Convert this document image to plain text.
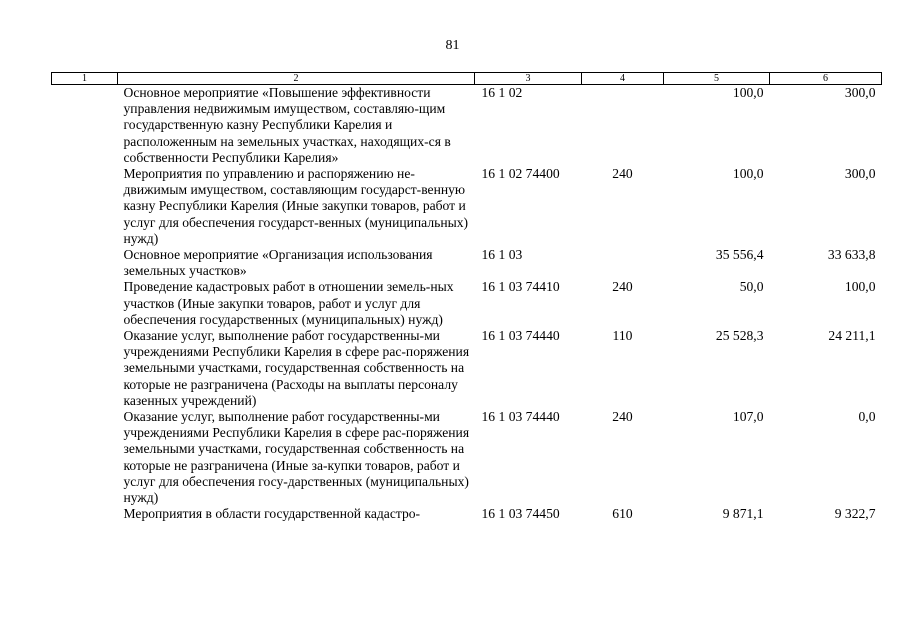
81
1	2	3	4	5	6
	Основное мероприятие «Повышение эффективности управления недвижимым имуществом, составляю-щим государственную казну Республики Карелия и расположенным на земельных участках, находящих-ся в собственности Республики Карелия»	16 1 02		100,0	300,0
	Мероприятия по управлению и распоряжению не-движимым имуществом, составляющим государст-венную казну Республики Карелия (Иные закупки товаров, работ и услуг для обеспечения государст-венных (муниципальных) нужд)	16 1 02 74400	240	100,0	300,0
	Основное мероприятие «Организация использования земельных участков»	16 1 03		35 556,4	33 633,8
	Проведение кадастровых работ в отношении земель-ных участков (Иные закупки товаров, работ и услуг для обеспечения государственных (муниципальных) нужд)	16 1 03 74410	240	50,0	100,0
	Оказание услуг, выполнение работ государственны-ми учреждениями Республики Карелия в сфере рас-поряжения земельными участками, государственная собственность на которые не разграничена (Расходы на выплаты персоналу казенных учреждений)	16 1 03 74440	110	25 528,3	24 211,1
	Оказание услуг, выполнение работ государственны-ми учреждениями Республики Карелия в сфере рас-поряжения земельными участками, государственная собственность на которые не разграничена (Иные за-купки товаров, работ и услуг для обеспечения госу-дарственных (муниципальных) нужд)	16 1 03 74440	240	107,0	0,0
	Мероприятия в области государственной кадастро-	16 1 03 74450	610	9 871,1	9 322,7
